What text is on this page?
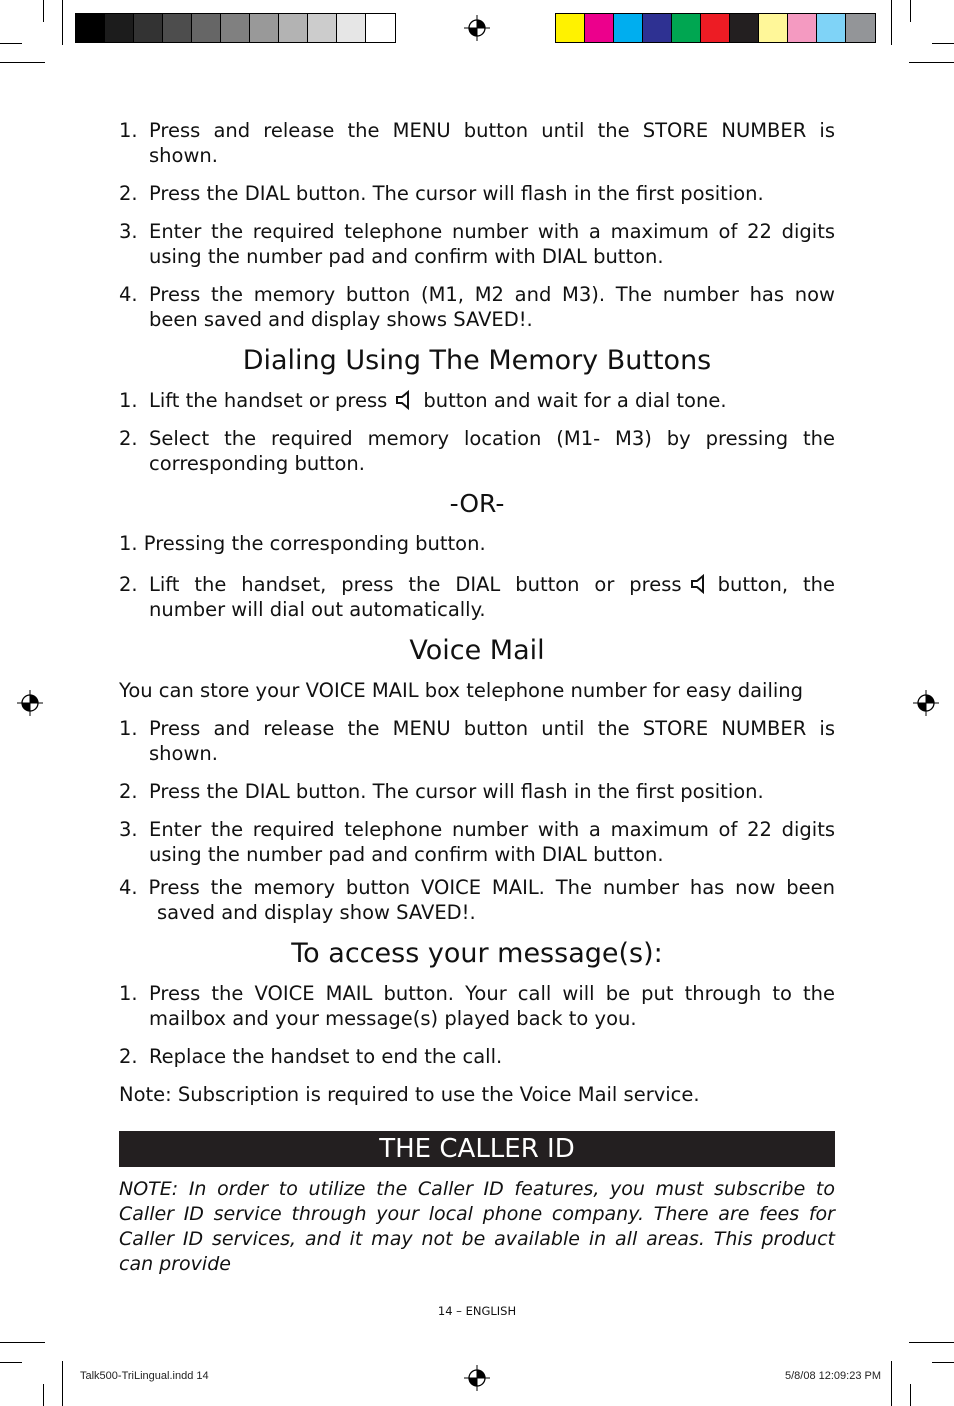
Talk500-TriLingual.indd 14	5/8/08 12:09:23 PM
1. Press and release the MENU button until the STORE NUMBER is shown.
2. Press the DIAL button. The cursor will flash in the first position.
3. Enter the required telephone number with a maximum of 22 digits using the number pad and confirm with DIAL button.
4. Press the memory button (M1, M2 and M3). The number has now been saved and display shows SAVED!.
Dialing Using The Memory Buttons
1. Lift the handset or press button and wait for a dial tone.
2. Select the required memory location (M1- M3) by pressing the corresponding button.
-OR-
1. Pressing the corresponding button.
2. Lift the handset, press the DIAL button or press button, the number will dial out automatically.
Voice Mail
You can store your VOICE MAIL box telephone number for easy dailing
1. Press and release the MENU button until the STORE NUMBER is shown.
2. Press the DIAL button. The cursor will flash in the first position.
3. Enter the required telephone number with a maximum of 22 digits using the number pad and confirm with DIAL button.
4. Press the memory button VOICE MAIL. The number has now been saved and display show SAVED!.
To access your message(s):
1. Press the VOICE MAIL button. Your call will be put through to the mailbox and your message(s) played back to you.
2. Replace the handset to end the call.
Note: Subscription is required to use the Voice Mail service.
THE CALLER ID
NOTE: In order to utilize the Caller ID features, you must subscribe to Caller ID service through your local phone company. There are fees for Caller ID services, and it may not be available in all areas. This product can provide
14 – ENGLISH
